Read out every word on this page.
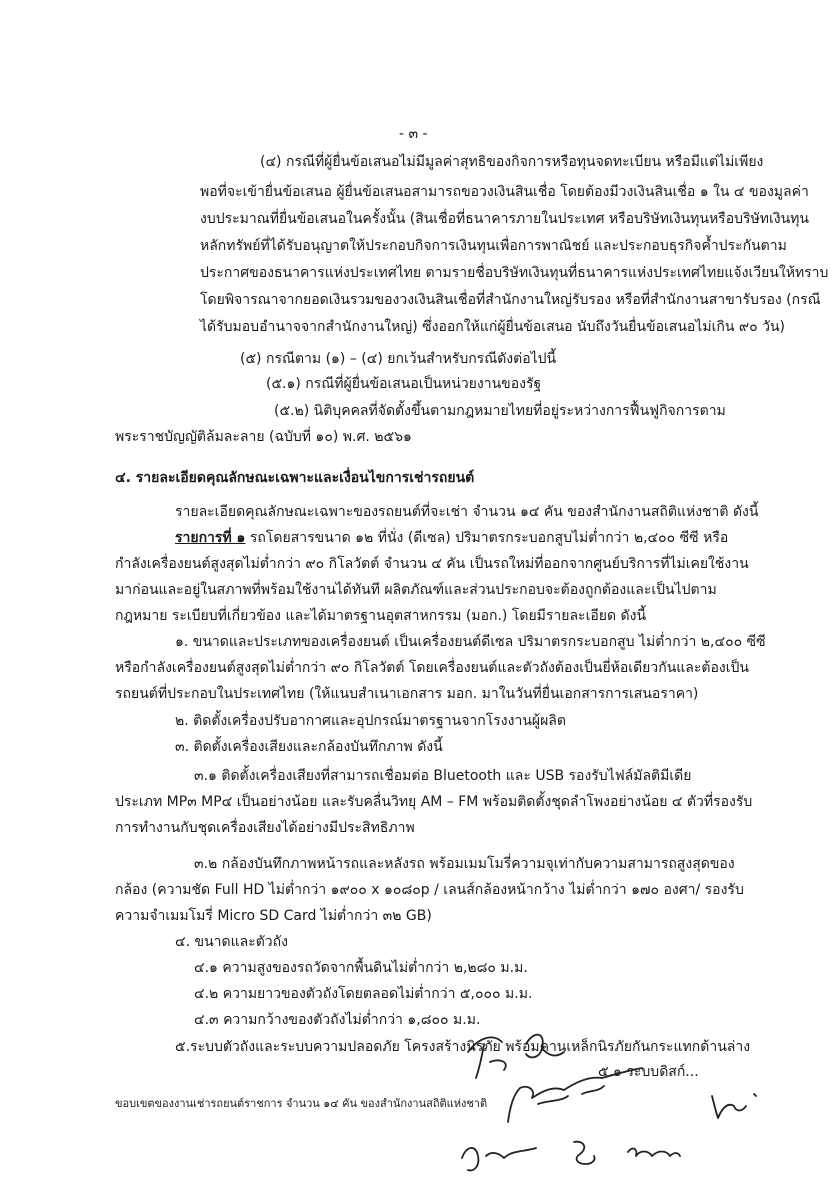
- ๓ -
(๔) กรณีที่ผู้ยื่นข้อเสนอไม่มีมูลค่าสุทธิของกิจการหรือทุนจดทะเบียน หรือมีแต่ไม่เพียง
พอที่จะเข้ายื่นข้อเสนอ ผู้ยื่นข้อเสนอสามารถขอวงเงินสินเชื่อ โดยต้องมีวงเงินสินเชื่อ ๑ ใน ๔ ของมูลค่า
งบประมาณที่ยื่นข้อเสนอในครั้งนั้น (สินเชื่อที่ธนาคารภายในประเทศ หรือบริษัทเงินทุนหรือบริษัทเงินทุน
หลักทรัพย์ที่ได้รับอนุญาตให้ประกอบกิจการเงินทุนเพื่อการพาณิชย์ และประกอบธุรกิจค้ำประกันตาม
ประกาศของธนาคารแห่งประเทศไทย ตามรายชื่อบริษัทเงินทุนที่ธนาคารแห่งประเทศไทยแจ้งเวียนให้ทราบ
โดยพิจารณาจากยอดเงินรวมของวงเงินสินเชื่อที่สำนักงานใหญ่รับรอง หรือที่สำนักงานสาขารับรอง (กรณี
ได้รับมอบอำนาจจากสำนักงานใหญ่) ซึ่งออกให้แก่ผู้ยื่นข้อเสนอ นับถึงวันยื่นข้อเสนอไม่เกิน ๙๐ วัน)
(๕) กรณีตาม (๑) – (๔) ยกเว้นสำหรับกรณีดังต่อไปนี้
(๕.๑) กรณีที่ผู้ยื่นข้อเสนอเป็นหน่วยงานของรัฐ
(๕.๒) นิติบุคคลที่จัดตั้งขึ้นตามกฎหมายไทยที่อยู่ระหว่างการฟื้นฟูกิจการตาม
พระราชบัญญัติล้มละลาย (ฉบับที่ ๑๐) พ.ศ. ๒๕๖๑
๔. รายละเอียดคุณลักษณะเฉพาะและเงื่อนไขการเช่ารถยนต์
รายละเอียดคุณลักษณะเฉพาะของรถยนต์ที่จะเช่า จำนวน ๑๔ คัน ของสำนักงานสถิติแห่งชาติ ดังนี้
รายการที่ ๑ รถโดยสารขนาด ๑๒ ที่นั่ง (ดีเซล) ปริมาตรกระบอกสูบไม่ต่ำกว่า ๒,๔๐๐ ซีซี หรือ
กำลังเครื่องยนต์สูงสุดไม่ต่ำกว่า ๙๐ กิโลวัตต์ จำนวน ๔ คัน เป็นรถใหม่ที่ออกจากศูนย์บริการที่ไม่เคยใช้งาน
มาก่อนและอยู่ในสภาพที่พร้อมใช้งานได้ทันที ผลิตภัณฑ์และส่วนประกอบจะต้องถูกต้องและเป็นไปตาม
กฎหมาย ระเบียบที่เกี่ยวข้อง และได้มาตรฐานอุตสาหกรรม (มอก.) โดยมีรายละเอียด ดังนี้
๑. ขนาดและประเภทของเครื่องยนต์ เป็นเครื่องยนต์ดีเซล ปริมาตรกระบอกสูบ ไม่ต่ำกว่า ๒,๔๐๐ ซีซี
หรือกำลังเครื่องยนต์สูงสุดไม่ต่ำกว่า ๙๐ กิโลวัตต์ โดยเครื่องยนต์และตัวถังต้องเป็นยี่ห้อเดียวกันและต้องเป็น
รถยนต์ที่ประกอบในประเทศไทย (ให้แนบสำเนาเอกสาร มอก. มาในวันที่ยื่นเอกสารการเสนอราคา)
๒. ติดตั้งเครื่องปรับอากาศและอุปกรณ์มาตรฐานจากโรงงานผู้ผลิต
๓. ติดตั้งเครื่องเสียงและกล้องบันทึกภาพ ดังนี้
๓.๑ ติดตั้งเครื่องเสียงที่สามารถเชื่อมต่อ Bluetooth และ USB รองรับไฟล์มัลติมีเดีย
ประเภท MP๓ MP๔ เป็นอย่างน้อย และรับคลื่นวิทยุ AM – FM พร้อมติดตั้งชุดลำโพงอย่างน้อย ๔ ตัวที่รองรับ
การทำงานกับชุดเครื่องเสียงได้อย่างมีประสิทธิภาพ
๓.๒ กล้องบันทึกภาพหน้ารถและหลังรถ พร้อมเมมโมรี่ความจุเท่ากับความสามารถสูงสุดของ
กล้อง (ความชัด Full HD ไม่ต่ำกว่า ๑๙๐๐ x ๑๐๘๐p / เลนส์กล้องหน้ากว้าง ไม่ต่ำกว่า ๑๗๐ องศา/ รองรับ
ความจำเมมโมรี่ Micro SD Card ไม่ต่ำกว่า ๓๒ GB)
๔. ขนาดและตัวถัง
๔.๑ ความสูงของรถวัดจากพื้นดินไม่ต่ำกว่า ๒,๒๘๐ ม.ม.
๔.๒ ความยาวของตัวถังโดยตลอดไม่ต่ำกว่า ๕,๐๐๐ ม.ม.
๔.๓ ความกว้างของตัวถังไม่ต่ำกว่า ๑,๘๐๐ ม.ม.
๕.ระบบตัวถังและระบบความปลอดภัย โครงสร้างนิรภัย พร้อมคานเหล็กนิรภัยกันกระแทกด้านล่าง
๕.๑ ระบบดิสก์...
ขอบเขตของงานเช่ารถยนต์ราชการ จำนวน ๑๔ คัน ของสำนักงานสถิติแห่งชาติ
